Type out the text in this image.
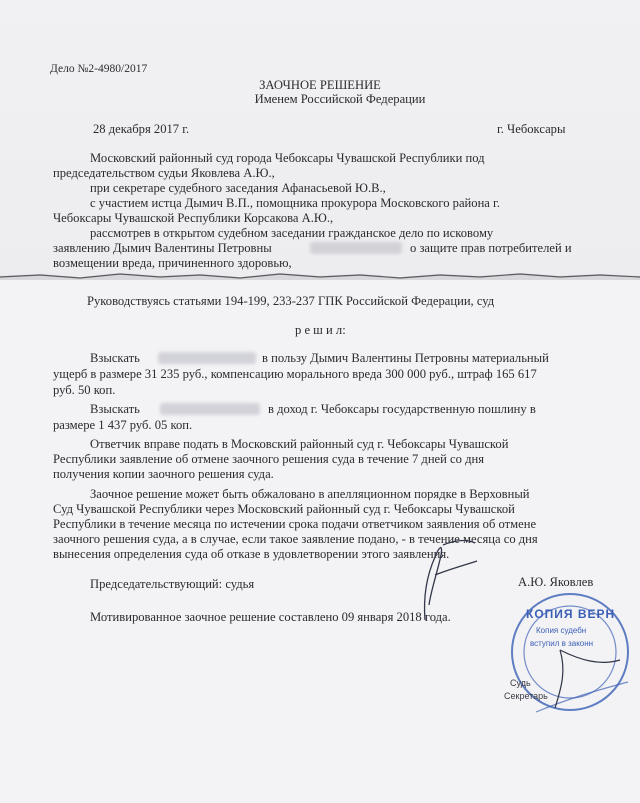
Дело №2-4980/2017
ЗАОЧНОЕ РЕШЕНИЕ
Именем Российской Федерации
28 декабря 2017 г.	г. Чебоксары
Московский районный суд города Чебоксары Чувашской Республики под
председательством судьи Яковлева А.Ю.,
при секретаре судебного заседания Афанасьевой Ю.В.,
с участием истца Дымич В.П., помощника прокурора Московского района г.
Чебоксары Чувашской Республики Корсакова А.Ю.,
рассмотрев в открытом судебном заседании гражданское дело по исковому
заявлению Дымич Валентины Петровны	о защите прав потребителей и
возмещении вреда, причиненного здоровью,
Руководствуясь статьями 194-199, 233-237 ГПК Российской Федерации, суд
р е ш и л:
Взыскать	в пользу Дымич Валентины Петровны материальный
ущерб в размере 31 235 руб., компенсацию морального вреда 300 000 руб., штраф 165 617
руб. 50 коп.
Взыскать	в доход г. Чебоксары государственную пошлину в
размере 1 437 руб. 05 коп.
Ответчик вправе подать в Московский районный суд г. Чебоксары Чувашской
Республики заявление об отмене заочного решения суда в течение 7 дней со дня
получения копии заочного решения суда.
Заочное решение может быть обжаловано в апелляционном порядке в Верховный
Суд Чувашской Республики через Московский районный суд г. Чебоксары Чувашской
Республики в течение месяца по истечении срока подачи ответчиком заявления об отмене
заочного решения суда, а в случае, если такое заявление подано, - в течение месяца со дня
вынесения определения суда об отказе в удовлетворении этого заявления.
Председательствующий: судья	А.Ю. Яковлев
Мотивированное заочное решение составлено 09 января 2018 года.	КОПИЯ ВЕРН
Копия судебн
вступил в законн
Судь
Секретарь
